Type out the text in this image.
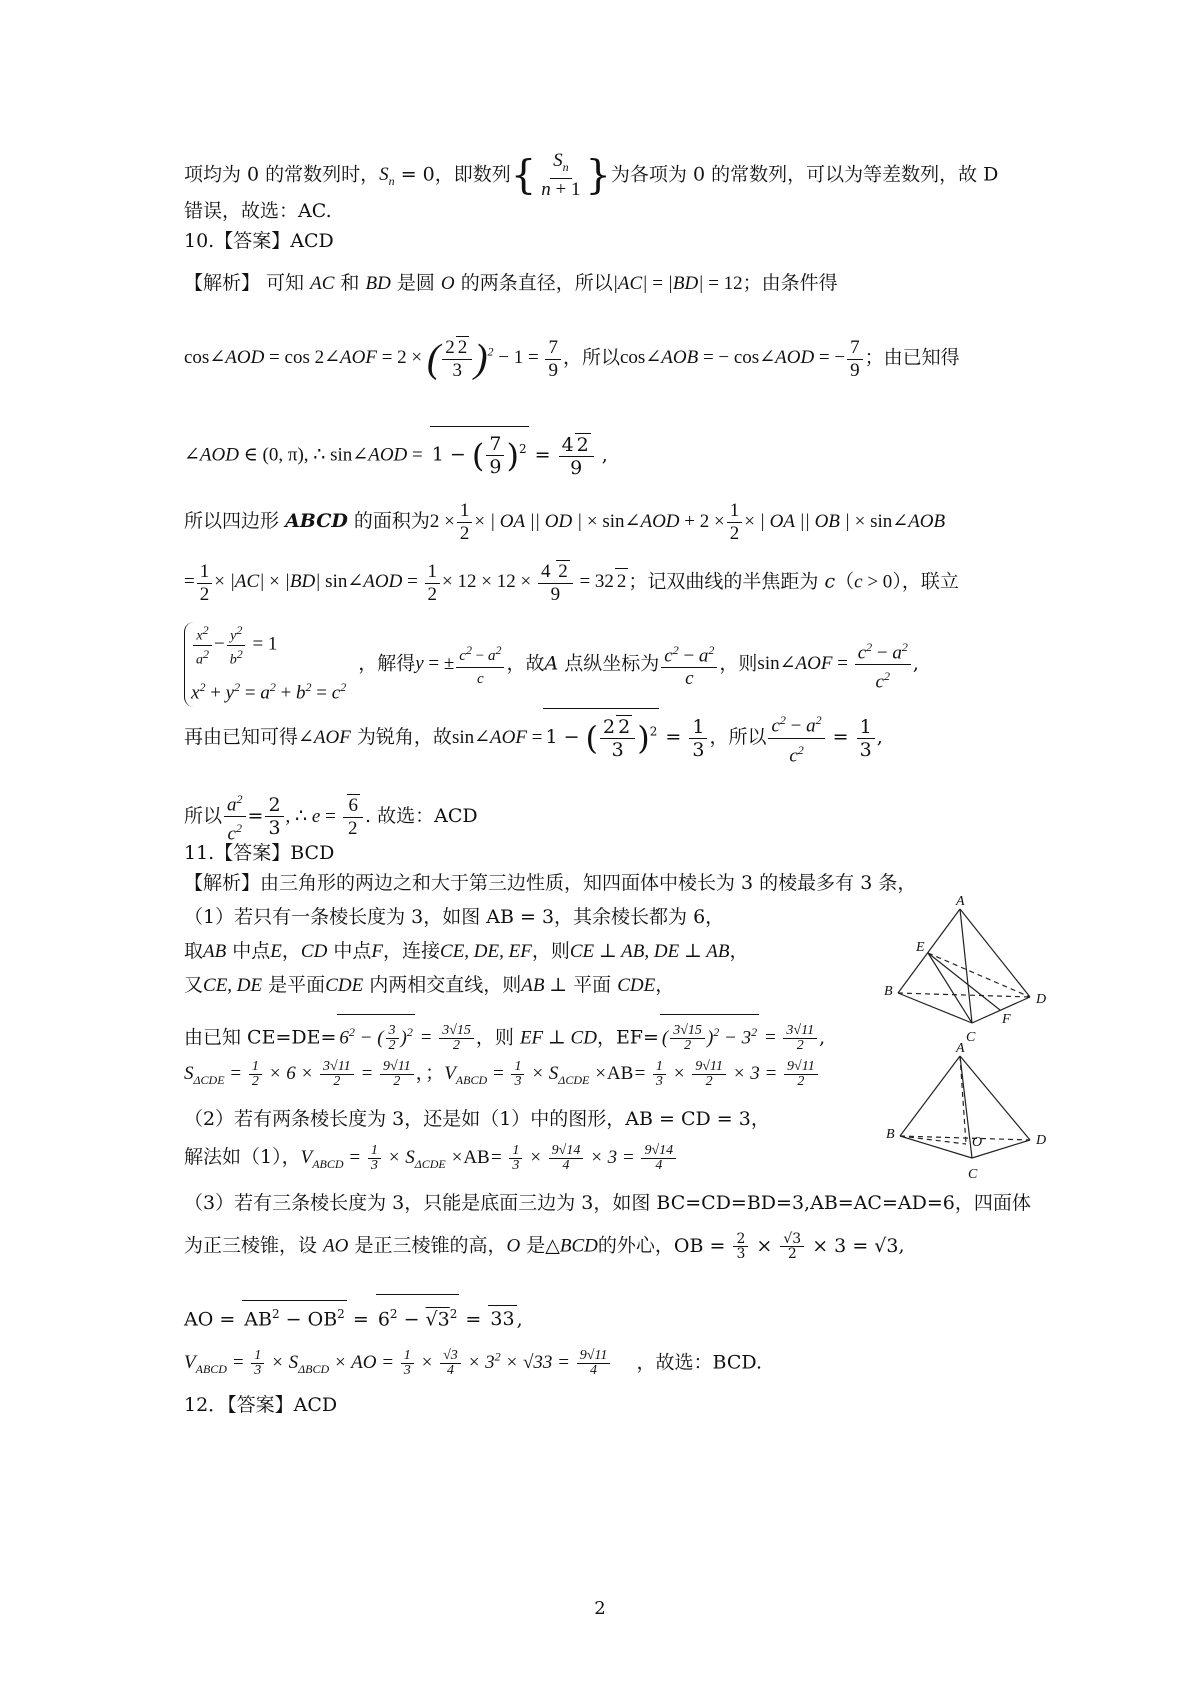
项均为 0 的常数列时，$S_n = 0$，即数列{ $\frac{S_n}{n + 1}$ }为各项为 0 的常数列，可以为等差数列，故 D
错误，故选：AC.
10.【答案】ACD
【解析】 可知 AC 和 BD 是圆 O 的两条直径，所以|AC| = |BD| = 12；由条件得
cos∠AOD = cos 2∠AOF = 2 × ( $\frac{2 2}{3} )^2 - 1 = \frac{7}{9}$ ，所以cos∠AOB = − cos∠AOD = − $\frac{7}{9}$ ；由已知得
∠AOD ∈ (0, π), ∴ sin∠AOD = 1 − ( $\frac{7}{9} )^2 = \frac{4 2}{9}$ ,
所以四边形 ABCD 的面积为$2 \times \frac{1}{2}$ × | OA || OD | × sin∠AOD + $2 \times \frac{1}{2}$ × | OA || OB | × sin∠AOB
= $\frac{1}{2} \times |AC| \times |BD|$ sin∠AOD = $\frac{1}{2} \times 12 \times 12 \times \frac{4 2}{9} = 32$ 2 ；记双曲线的半焦距为 c（c > 0），联立
$\frac{x^2}{a^2} - \frac{y^2}{b^2} = 1$
$x^2 + y^2 = a^2 + b^2 = c^2$
，解得y = ± $\frac{c^2 - a^2}{c}$ ，故A 点纵坐标为 $\frac{c^2 - a^2}{c}$ ，则sin∠AOF = $\frac{c^2 - a^2}{c^2}$ ,
再由已知可得∠AOF 为锐角，故sin∠AOF = 1 − ( $\frac{2 2}{3} )^2 = \frac{1}{3}$ ，所以 $\frac{c^2 - a^2}{c^2} = \frac{1}{3}$ ,
所以 $\frac{a^2}{c^2} = \frac{2}{3}$ , ∴ $e = \frac{6}{2}$ . 故选：ACD
11.【答案】BCD
【解析】由三角形的两边之和大于第三边性质，知四面体中棱长为 3 的棱最多有 3 条，
（1）若只有一条棱长度为 3，如图 AB = 3，其余棱长都为 6，
取AB 中点E，CD 中点F，连接CE, DE, EF，则CE ⊥ AB, DE ⊥ AB，
又CE, DE 是平面CDE 内两相交直线，则AB ⊥ 平面 CDE，
由已知 $CE=DE= 6^2$ − ( $\frac{3}{2} )^2 = \frac{3√15}{2}$ ，则 EF ⊥ CD，EF= ( $\frac{3√15}{2} )^2 - 3^2 = \frac{3√11}{2}$ ,
$S_{\Delta CDE} = \frac{1}{2} \times 6 \times \frac{3√11}{2} = \frac{9√11}{2}$ ，；$V_{ABCD} = \frac{1}{3} \times S_{\Delta CDE} \times AB= \frac{1}{3} \times \frac{9√11}{2} \times 3 = \frac{9√11}{2}$
（2）若有两条棱长度为 3，还是如（1）中的图形，AB = CD = 3，
解法如（1），$V_{ABCD} = \frac{1}{3} \times S_{\Delta CDE} \times AB= \frac{1}{3} \times \frac{9√14}{4} \times 3 = \frac{9√14}{4}$
（3）若有三条棱长度为 3，只能是底面三边为 3，如图 BC=CD=BD=3,AB=AC=AD=6，四面体
为正三棱锥，设 AO 是正三棱锥的高，O 是△BCD的外心，OB = $\frac{2}{3} \times \frac{√3}{2} \times 3 = √3$,
AO = $AB^2 - OB^2 = 6^2 - √3^2 = 33$ ,
$V_{ABCD} = \frac{1}{3} \times S_{\Delta BCD}$ × AO = $\frac{1}{3} \times \frac{√3}{4} \times 3^2 \times √33 = \frac{9√11}{4}$ ，故选：BCD.
12．【答案】ACD
A
E
B
D
F
C
A
B
O	D
C
2
